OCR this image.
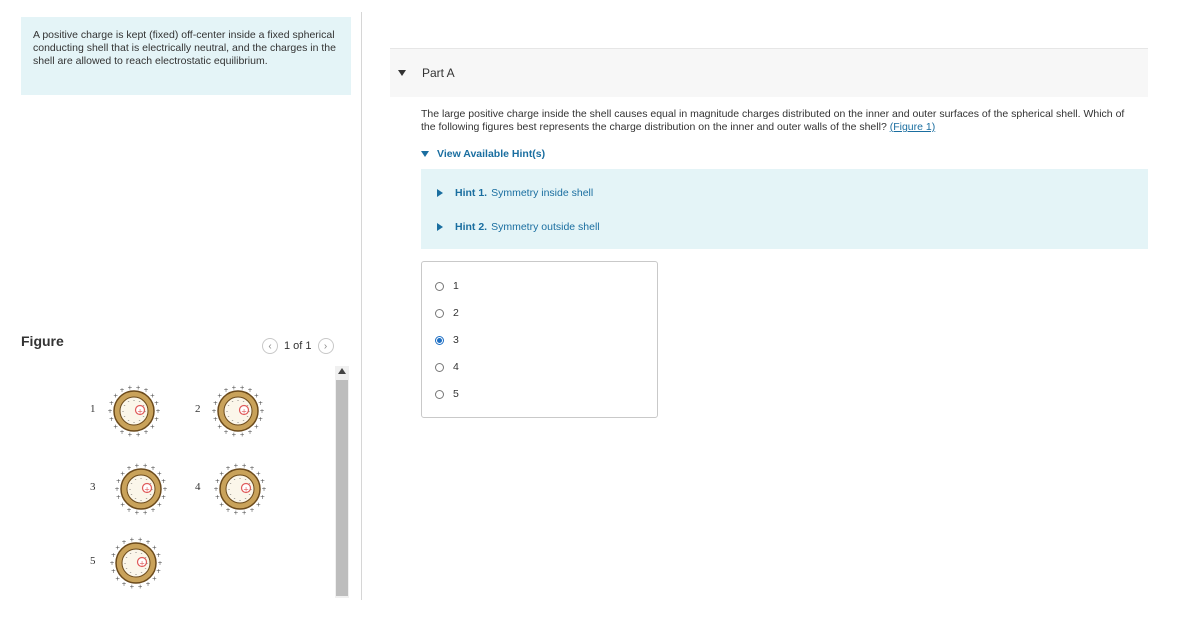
A positive charge is kept (fixed) off-center inside a fixed spherical conducting shell that is electrically neutral, and the charges in the shell are allowed to reach electrostatic equilibrium.
Figure	‹	1 of 1	›
1	+ +
+
+
+
+
+
+
+
+
+
+
+
+ + + +
+
+
-
-
-
-
-
-
-
-
- - -
-	2	+ +
+
+
+
+
+
+
+
+
+
+
+
+ + + +
+
+
-
-
-
-
-
-
-
-
- - -
-
3	+ +
+
+
+
+
+
+
+
+
+
+
+
+ + + +
+
+
-
-
-
-
-
-
-
-
- - -
-	4	+ +
+
+
+
+
+
+
+
+
+
+
+
+ + + +
+
+
-
-
-
-
-
-
-
-
- - -
-
5	+ +
+
+
+
+
+
+
+
+
+
+
+
+ + + +
+
+
-
-
-
-
-
-
-
-
- - -
-
Part A
The large positive charge inside the shell causes equal in magnitude charges distributed on the inner and outer surfaces of the spherical shell. Which of the following figures best represents the charge distribution on the inner and outer walls of the shell? (Figure 1)
View Available Hint(s)
Hint 1. Symmetry inside shell
Hint 2. Symmetry outside shell
1
2
3
4
5
